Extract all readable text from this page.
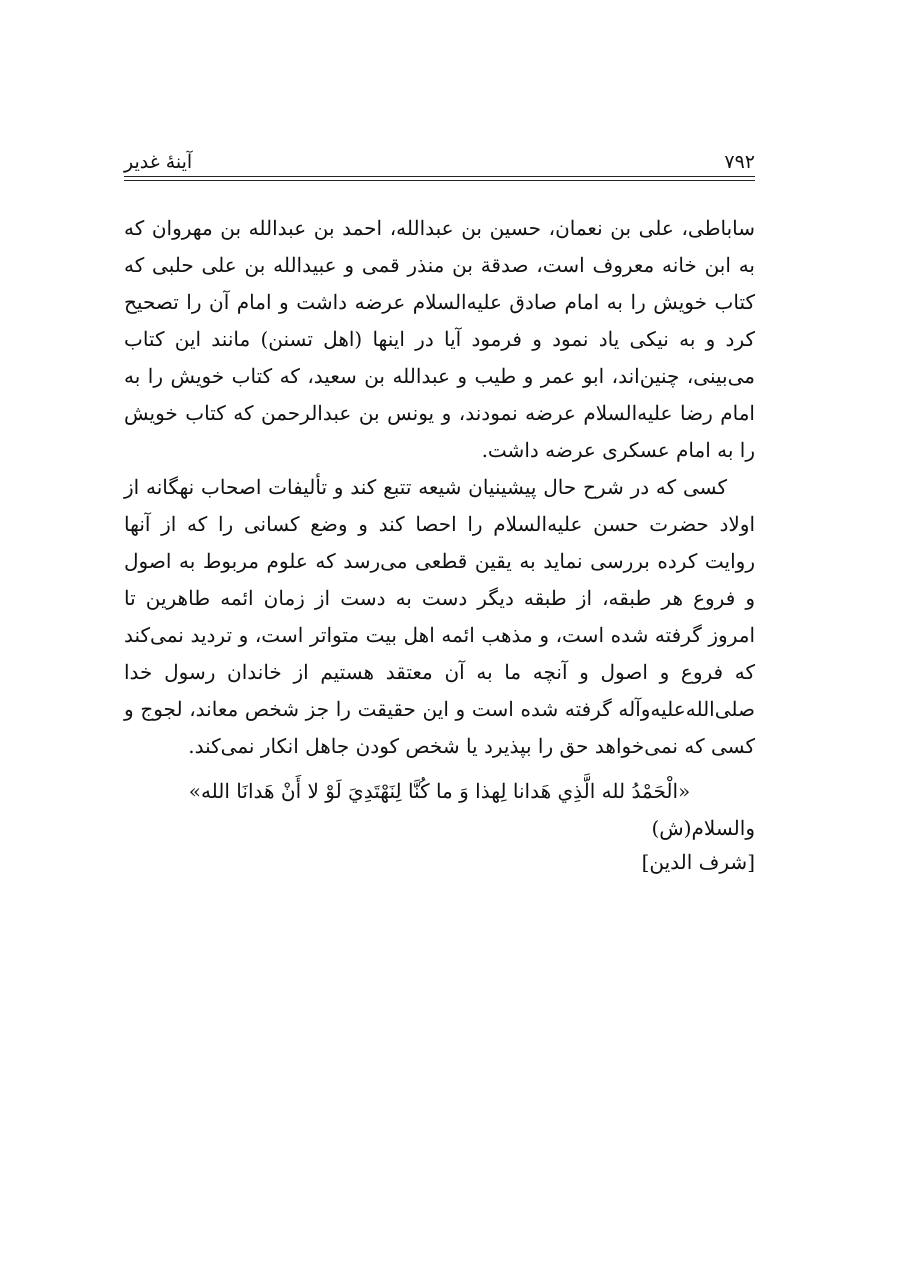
۷۹۲
آینهٔ غدیر

ساباطی، علی بن نعمان، حسین بن عبدالله، احمد بن عبدالله بن مهروان که به ابن خانه معروف است، صدقة بن منذر قمی و عبیدالله بن علی حلبی که کتاب خویش را به امام صادق علیه‌السلام عرضه داشت و امام آن را تصحیح کرد و به نیکی یاد نمود و فرمود آیا در اینها (اهل تسنن) مانند این کتاب می‌بینی، چنین‌اند، ابو عمر و طیب و عبدالله بن سعید، که کتاب خویش را به امام رضا علیه‌السلام عرضه نمودند، و یونس بن عبدالرحمن که کتاب خویش را به امام عسکری عرضه داشت.

کسی که در شرح حال پیشینیان شیعه تتبع کند و تألیفات اصحاب نهگانه از اولاد حضرت حسن علیه‌السلام را احصا کند و وضع کسانی را که از آنها روایت کرده بررسی نماید به یقین قطعی می‌رسد که علوم مربوط به اصول و فروع هر طبقه، از طبقه دیگر دست به دست از زمان ائمه طاهرین تا امروز گرفته شده است، و مذهب ائمه اهل بیت متواتر است، و تردید نمی‌کند که فروع و اصول و آنچه ما به آن معتقد هستیم از خاندان رسول خدا صلی‌الله‌علیه‌وآله گرفته شده است و این حقیقت را جز شخص معاند، لجوج و کسی که نمی‌خواهد حق را بپذیرد یا شخص کودن جاهل انکار نمی‌کند.

«الْحَمْدُ لله الَّذِي هَدانا لِهذا وَ ما كُنَّا لِنَهْتَدِيَ لَوْ لا أَنْ هَدانَا الله»

والسلام(ش)

[شرف الدين]
